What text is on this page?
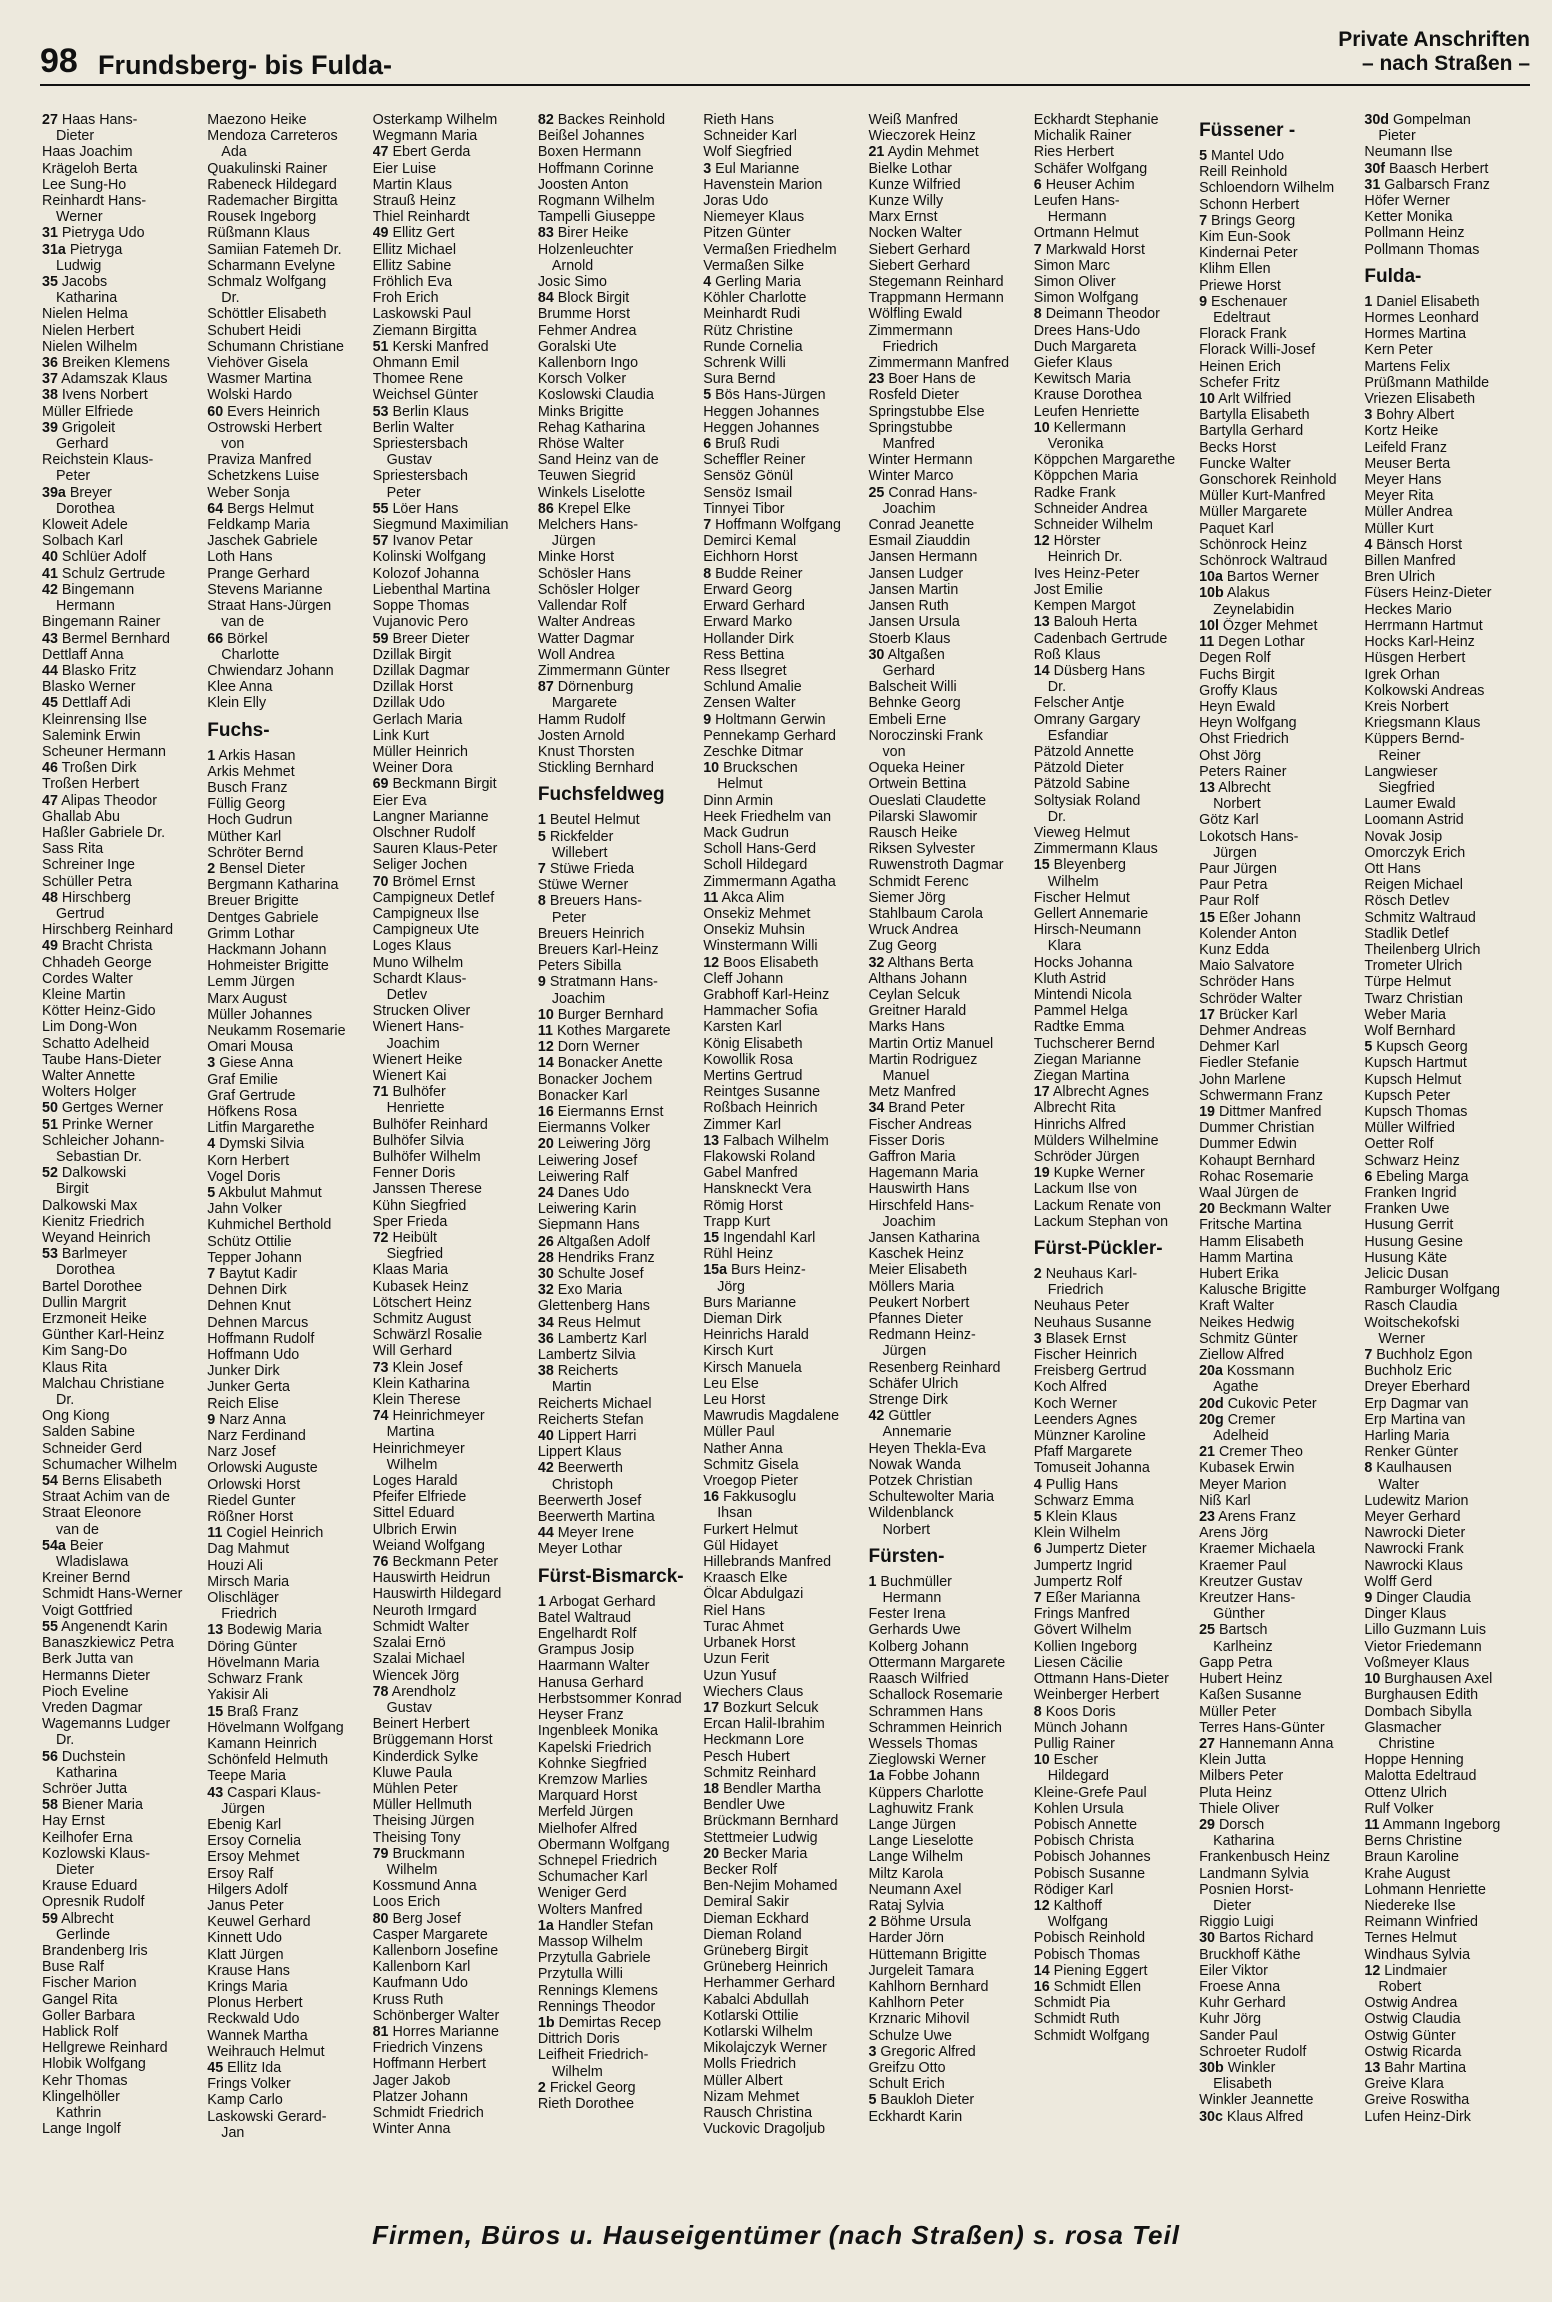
98 Frundsberg- bis Fulda-
Private Anschriften
– nach Straßen –
27 Haas Hans-
Dieter
Haas Joachim
Krägeloh Berta
Lee Sung-Ho
Reinhardt Hans-
Werner
31 Pietryga Udo
31a Pietryga
Ludwig
35 Jacobs
Katharina
Nielen Helma
Nielen Herbert
Nielen Wilhelm
36 Breiken Klemens
37 Adamszak Klaus
38 Ivens Norbert
Müller Elfriede
39 Grigoleit
Gerhard
Reichstein Klaus-
Peter
39a Breyer
Dorothea
Kloweit Adele
Solbach Karl
40 Schlüer Adolf
41 Schulz Gertrude
42 Bingemann
Hermann
Bingemann Rainer
43 Bermel Bernhard
Dettlaff Anna
44 Blasko Fritz
Blasko Werner
45 Dettlaff Adi
Kleinrensing Ilse
Salemink Erwin
Scheuner Hermann
46 Troßen Dirk
Troßen Herbert
47 Alipas Theodor
Ghallab Abu
Haßler Gabriele Dr.
Sass Rita
Schreiner Inge
Schüller Petra
48 Hirschberg
Gertrud
Hirschberg Reinhard
49 Bracht Christa
Chhadeh George
Cordes Walter
Kleine Martin
Kötter Heinz-Gido
Lim Dong-Won
Schatto Adelheid
Taube Hans-Dieter
Walter Annette
Wolters Holger
50 Gertges Werner
51 Prinke Werner
Schleicher Johann-
Sebastian Dr.
52 Dalkowski
Birgit
Dalkowski Max
Kienitz Friedrich
Weyand Heinrich
53 Barlmeyer
Dorothea
Bartel Dorothee
Dullin Margrit
Erzmoneit Heike
Günther Karl-Heinz
Kim Sang-Do
Klaus Rita
Malchau Christiane
Dr.
Ong Kiong
Salden Sabine
Schneider Gerd
Schumacher Wilhelm
54 Berns Elisabeth
Straat Achim van de
Straat Eleonore
van de
54a Beier
Wladislawa
Kreiner Bernd
Schmidt Hans-Werner
Voigt Gottfried
55 Angenendt Karin
Banaszkiewicz Petra
Berk Jutta van
Hermanns Dieter
Pioch Eveline
Vreden Dagmar
Wagemanns Ludger
Dr.
56 Duchstein
Katharina
Schröer Jutta
58 Biener Maria
Hay Ernst
Keilhofer Erna
Kozlowski Klaus-
Dieter
Krause Eduard
Opresnik Rudolf
59 Albrecht
Gerlinde
Brandenberg Iris
Buse Ralf
Fischer Marion
Gangel Rita
Goller Barbara
Hablick Rolf
Hellgrewe Reinhard
Hlobik Wolfgang
Kehr Thomas
Klingelhöller
Kathrin
Lange Ingolf
Maezono Heike
Mendoza Carreteros
Ada
Quakulinski Rainer
Rabeneck Hildegard
Rademacher Birgitta
Rousek Ingeborg
Rüßmann Klaus
Samiian Fatemeh Dr.
Scharmann Evelyne
Schmalz Wolfgang
Dr.
Schöttler Elisabeth
Schubert Heidi
Schumann Christiane
Viehöver Gisela
Wasmer Martina
Wolski Hardo
60 Evers Heinrich
Ostrowski Herbert
von
Praviza Manfred
Schetzkens Luise
Weber Sonja
64 Bergs Helmut
Feldkamp Maria
Jaschek Gabriele
Loth Hans
Prange Gerhard
Stevens Marianne
Straat Hans-Jürgen
van de
66 Börkel
Charlotte
Chwiendarz Johann
Klee Anna
Klein Elly
Fuchs-
1 Arkis Hasan
Arkis Mehmet
Busch Franz
Füllig Georg
Hoch Gudrun
Müther Karl
Schröter Bernd
2 Bensel Dieter
Bergmann Katharina
Breuer Brigitte
Dentges Gabriele
Grimm Lothar
Hackmann Johann
Hohmeister Brigitte
Lemm Jürgen
Marx August
Müller Johannes
Neukamm Rosemarie
Omari Mousa
3 Giese Anna
Graf Emilie
Graf Gertrude
Höfkens Rosa
Litfin Margarethe
4 Dymski Silvia
Korn Herbert
Vogel Doris
5 Akbulut Mahmut
Jahn Volker
Kuhmichel Berthold
Schütz Ottilie
Tepper Johann
7 Baytut Kadir
Dehnen Dirk
Dehnen Knut
Dehnen Marcus
Hoffmann Rudolf
Hoffmann Udo
Junker Dirk
Junker Gerta
Reich Elise
9 Narz Anna
Narz Ferdinand
Narz Josef
Orlowski Auguste
Orlowski Horst
Riedel Gunter
Rößner Horst
11 Cogiel Heinrich
Dag Mahmut
Houzi Ali
Mirsch Maria
Olischläger
Friedrich
13 Bodewig Maria
Döring Günter
Hövelmann Maria
Schwarz Frank
Yakisir Ali
15 Braß Franz
Hövelmann Wolfgang
Kamann Heinrich
Schönfeld Helmuth
Teepe Maria
43 Caspari Klaus-
Jürgen
Ebenig Karl
Ersoy Cornelia
Ersoy Mehmet
Ersoy Ralf
Hilgers Adolf
Janus Peter
Keuwel Gerhard
Kinnett Udo
Klatt Jürgen
Krause Hans
Krings Maria
Plonus Herbert
Reckwald Udo
Wannek Martha
Weihrauch Helmut
45 Ellitz Ida
Frings Volker
Kamp Carlo
Laskowski Gerard-
Jan
Osterkamp Wilhelm
Wegmann Maria
47 Ebert Gerda
Eier Luise
Martin Klaus
Strauß Heinz
Thiel Reinhardt
49 Ellitz Gert
Ellitz Michael
Ellitz Sabine
Fröhlich Eva
Froh Erich
Laskowski Paul
Ziemann Birgitta
51 Kerski Manfred
Ohmann Emil
Thomee Rene
Weichsel Günter
53 Berlin Klaus
Berlin Walter
Spriestersbach
Gustav
Spriestersbach
Peter
55 Löer Hans
Siegmund Maximilian
57 Ivanov Petar
Kolinski Wolfgang
Kolozof Johanna
Liebenthal Martina
Soppe Thomas
Vujanovic Pero
59 Breer Dieter
Dzillak Birgit
Dzillak Dagmar
Dzillak Horst
Dzillak Udo
Gerlach Maria
Link Kurt
Müller Heinrich
Weiner Dora
69 Beckmann Birgit
Eier Eva
Langner Marianne
Olschner Rudolf
Sauren Klaus-Peter
Seliger Jochen
70 Brömel Ernst
Campigneux Detlef
Campigneux Ilse
Campigneux Ute
Loges Klaus
Muno Wilhelm
Schardt Klaus-
Detlev
Strucken Oliver
Wienert Hans-
Joachim
Wienert Heike
Wienert Kai
71 Bulhöfer
Henriette
Bulhöfer Reinhard
Bulhöfer Silvia
Bulhöfer Wilhelm
Fenner Doris
Janssen Therese
Kühn Siegfried
Sper Frieda
72 Heibült
Siegfried
Klaas Maria
Kubasek Heinz
Lötschert Heinz
Schmitz August
Schwärzl Rosalie
Will Gerhard
73 Klein Josef
Klein Katharina
Klein Therese
74 Heinrichmeyer
Martina
Heinrichmeyer
Wilhelm
Loges Harald
Pfeifer Elfriede
Sittel Eduard
Ulbrich Erwin
Weiand Wolfgang
76 Beckmann Peter
Hauswirth Heidrun
Hauswirth Hildegard
Neuroth Irmgard
Schmidt Walter
Szalai Ernö
Szalai Michael
Wiencek Jörg
78 Arendholz
Gustav
Beinert Herbert
Brüggemann Horst
Kinderdick Sylke
Kluwe Paula
Mühlen Peter
Müller Hellmuth
Theising Jürgen
Theising Tony
79 Bruckmann
Wilhelm
Kossmund Anna
Loos Erich
80 Berg Josef
Casper Margarete
Kallenborn Josefine
Kallenborn Karl
Kaufmann Udo
Kruss Ruth
Schönberger Walter
81 Horres Marianne
Friedrich Vinzens
Hoffmann Herbert
Jager Jakob
Platzer Johann
Schmidt Friedrich
Winter Anna
82 Backes Reinhold
Beißel Johannes
Boxen Hermann
Hoffmann Corinne
Joosten Anton
Rogmann Wilhelm
Tampelli Giuseppe
83 Birer Heike
Holzenleuchter
Arnold
Josic Simo
84 Block Birgit
Brumme Horst
Fehmer Andrea
Goralski Ute
Kallenborn Ingo
Korsch Volker
Koslowski Claudia
Minks Brigitte
Rehag Katharina
Rhöse Walter
Sand Heinz van de
Teuwen Siegrid
Winkels Liselotte
86 Krepel Elke
Melchers Hans-
Jürgen
Minke Horst
Schösler Hans
Schösler Holger
Vallendar Rolf
Walter Andreas
Watter Dagmar
Woll Andrea
Zimmermann Günter
87 Dörnenburg
Margarete
Hamm Rudolf
Josten Arnold
Knust Thorsten
Stickling Bernhard
Fuchsfeldweg
1 Beutel Helmut
5 Rickfelder
Willebert
7 Stüwe Frieda
Stüwe Werner
8 Breuers Hans-
Peter
Breuers Heinrich
Breuers Karl-Heinz
Peters Sibilla
9 Stratmann Hans-
Joachim
10 Burger Bernhard
11 Kothes Margarete
12 Dorn Werner
14 Bonacker Anette
Bonacker Jochem
Bonacker Karl
16 Eiermanns Ernst
Eiermanns Volker
20 Leiwering Jörg
Leiwering Josef
Leiwering Ralf
24 Danes Udo
Leiwering Karin
Siepmann Hans
26 Altgaßen Adolf
28 Hendriks Franz
30 Schulte Josef
32 Exo Maria
Glettenberg Hans
34 Reus Helmut
36 Lambertz Karl
Lambertz Silvia
38 Reicherts
Martin
Reicherts Michael
Reicherts Stefan
40 Lippert Harri
Lippert Klaus
42 Beerwerth
Christoph
Beerwerth Josef
Beerwerth Martina
44 Meyer Irene
Meyer Lothar
Fürst-Bismarck-
1 Arbogat Gerhard
Batel Waltraud
Engelhardt Rolf
Grampus Josip
Haarmann Walter
Hanusa Gerhard
Herbstsommer Konrad
Heyser Franz
Ingenbleek Monika
Kapelski Friedrich
Kohnke Siegfried
Kremzow Marlies
Marquard Horst
Merfeld Jürgen
Mielhofer Alfred
Obermann Wolfgang
Schnepel Friedrich
Schumacher Karl
Weniger Gerd
Wolters Manfred
1a Handler Stefan
Massop Wilhelm
Przytulla Gabriele
Przytulla Willi
Rennings Klemens
Rennings Theodor
1b Demirtas Recep
Dittrich Doris
Leifheit Friedrich-
Wilhelm
2 Frickel Georg
Rieth Dorothee
Rieth Hans
Schneider Karl
Wolf Siegfried
3 Eul Marianne
Havenstein Marion
Joras Udo
Niemeyer Klaus
Pitzen Günter
Vermaßen Friedhelm
Vermaßen Silke
4 Gerling Maria
Köhler Charlotte
Meinhardt Rudi
Rütz Christine
Runde Cornelia
Schrenk Willi
Sura Bernd
5 Bös Hans-Jürgen
Heggen Johannes
Heggen Johannes
6 Bruß Rudi
Scheffler Reiner
Sensöz Gönül
Sensöz Ismail
Tinnyei Tibor
7 Hoffmann Wolfgang
Demirci Kemal
Eichhorn Horst
8 Budde Reiner
Erward Georg
Erward Gerhard
Erward Marko
Hollander Dirk
Ress Bettina
Ress Ilsegret
Schlund Amalie
Zensen Walter
9 Holtmann Gerwin
Pennekamp Gerhard
Zeschke Ditmar
10 Bruckschen
Helmut
Dinn Armin
Heek Friedhelm van
Mack Gudrun
Scholl Hans-Gerd
Scholl Hildegard
Zimmermann Agatha
11 Akca Alim
Onsekiz Mehmet
Onsekiz Muhsin
Winstermann Willi
12 Boos Elisabeth
Cleff Johann
Grabhoff Karl-Heinz
Hammacher Sofia
Karsten Karl
König Elisabeth
Kowollik Rosa
Mertins Gertrud
Reintges Susanne
Roßbach Heinrich
Zimmer Karl
13 Falbach Wilhelm
Flakowski Roland
Gabel Manfred
Hanskneckt Vera
Römig Horst
Trapp Kurt
15 Ingendahl Karl
Rühl Heinz
15a Burs Heinz-
Jörg
Burs Marianne
Dieman Dirk
Heinrichs Harald
Kirsch Kurt
Kirsch Manuela
Leu Else
Leu Horst
Mawrudis Magdalene
Müller Paul
Nather Anna
Schmitz Gisela
Vroegop Pieter
16 Fakkusoglu
Ihsan
Furkert Helmut
Gül Hidayet
Hillebrands Manfred
Kraasch Elke
Ölcar Abdulgazi
Riel Hans
Turac Ahmet
Urbanek Horst
Uzun Ferit
Uzun Yusuf
Wiechers Claus
17 Bozkurt Selcuk
Ercan Halil-Ibrahim
Heckmann Lore
Pesch Hubert
Schmitz Reinhard
18 Bendler Martha
Bendler Uwe
Brückmann Bernhard
Stettmeier Ludwig
20 Becker Maria
Becker Rolf
Ben-Nejim Mohamed
Demiral Sakir
Dieman Eckhard
Dieman Roland
Grüneberg Birgit
Grüneberg Heinrich
Herhammer Gerhard
Kabalci Abdullah
Kotlarski Ottilie
Kotlarski Wilhelm
Mikolajczyk Werner
Molls Friedrich
Müller Albert
Nizam Mehmet
Rausch Christina
Vuckovic Dragoljub
Weiß Manfred
Wieczorek Heinz
21 Aydin Mehmet
Bielke Lothar
Kunze Wilfried
Kunze Willy
Marx Ernst
Nocken Walter
Siebert Gerhard
Siebert Gerhard
Stegemann Reinhard
Trappmann Hermann
Wölfling Ewald
Zimmermann
Friedrich
Zimmermann Manfred
23 Boer Hans de
Rosfeld Dieter
Springstubbe Else
Springstubbe
Manfred
Winter Hermann
Winter Marco
25 Conrad Hans-
Joachim
Conrad Jeanette
Esmail Ziauddin
Jansen Hermann
Jansen Ludger
Jansen Martin
Jansen Ruth
Jansen Ursula
Stoerb Klaus
30 Altgaßen
Gerhard
Balscheit Willi
Behnke Georg
Embeli Erne
Noroczinski Frank
von
Oqueka Heiner
Ortwein Bettina
Oueslati Claudette
Pilarski Slawomir
Rausch Heike
Riksen Sylvester
Ruwenstroth Dagmar
Schmidt Ferenc
Siemer Jörg
Stahlbaum Carola
Wruck Andrea
Zug Georg
32 Althans Berta
Althans Johann
Ceylan Selcuk
Greitner Harald
Marks Hans
Martin Ortiz Manuel
Martin Rodriguez
Manuel
Metz Manfred
34 Brand Peter
Fischer Andreas
Fisser Doris
Gaffron Maria
Hagemann Maria
Hauswirth Hans
Hirschfeld Hans-
Joachim
Jansen Katharina
Kaschek Heinz
Meier Elisabeth
Möllers Maria
Peukert Norbert
Pfannes Dieter
Redmann Heinz-
Jürgen
Resenberg Reinhard
Schäfer Ulrich
Strenge Dirk
42 Güttler
Annemarie
Heyen Thekla-Eva
Nowak Wanda
Potzek Christian
Schultewolter Maria
Wildenblanck
Norbert
Fürsten-
1 Buchmüller
Hermann
Fester Irena
Gerhards Uwe
Kolberg Johann
Ottermann Margarete
Raasch Wilfried
Schallock Rosemarie
Schrammen Hans
Schrammen Heinrich
Wessels Thomas
Zieglowski Werner
1a Fobbe Johann
Küppers Charlotte
Laghuwitz Frank
Lange Jürgen
Lange Lieselotte
Lange Wilhelm
Miltz Karola
Neumann Axel
Rataj Sylvia
2 Böhme Ursula
Harder Jörn
Hüttemann Brigitte
Jurgeleit Tamara
Kahlhorn Bernhard
Kahlhorn Peter
Krznaric Mihovil
Schulze Uwe
3 Gregoric Alfred
Greifzu Otto
Schult Erich
5 Baukloh Dieter
Eckhardt Karin
Eckhardt Stephanie
Michalik Rainer
Ries Herbert
Schäfer Wolfgang
6 Heuser Achim
Leufen Hans-
Hermann
Ortmann Helmut
7 Markwald Horst
Simon Marc
Simon Oliver
Simon Wolfgang
8 Deimann Theodor
Drees Hans-Udo
Duch Margareta
Giefer Klaus
Kewitsch Maria
Krause Dorothea
Leufen Henriette
10 Kellermann
Veronika
Köppchen Margarethe
Köppchen Maria
Radke Frank
Schneider Andrea
Schneider Wilhelm
12 Hörster
Heinrich Dr.
Ives Heinz-Peter
Jost Emilie
Kempen Margot
13 Balouh Herta
Cadenbach Gertrude
Roß Klaus
14 Düsberg Hans
Dr.
Felscher Antje
Omrany Gargary
Esfandiar
Pätzold Annette
Pätzold Dieter
Pätzold Sabine
Soltysiak Roland
Dr.
Vieweg Helmut
Zimmermann Klaus
15 Bleyenberg
Wilhelm
Fischer Helmut
Gellert Annemarie
Hirsch-Neumann
Klara
Hocks Johanna
Kluth Astrid
Mintendi Nicola
Pammel Helga
Radtke Emma
Tuchscherer Bernd
Ziegan Marianne
Ziegan Martina
17 Albrecht Agnes
Albrecht Rita
Hinrichs Alfred
Mülders Wilhelmine
Schröder Jürgen
19 Kupke Werner
Lackum Ilse von
Lackum Renate von
Lackum Stephan von
Fürst-Pückler-
2 Neuhaus Karl-
Friedrich
Neuhaus Peter
Neuhaus Susanne
3 Blasek Ernst
Fischer Heinrich
Freisberg Gertrud
Koch Alfred
Koch Werner
Leenders Agnes
Münzner Karoline
Pfaff Margarete
Tomuseit Johanna
4 Pullig Hans
Schwarz Emma
5 Klein Klaus
Klein Wilhelm
6 Jumpertz Dieter
Jumpertz Ingrid
Jumpertz Rolf
7 Eßer Marianna
Frings Manfred
Gövert Wilhelm
Kollien Ingeborg
Liesen Cäcilie
Ottmann Hans-Dieter
Weinberger Herbert
8 Koos Doris
Münch Johann
Pullig Rainer
10 Escher
Hildegard
Kleine-Grefe Paul
Kohlen Ursula
Pobisch Annette
Pobisch Christa
Pobisch Johannes
Pobisch Susanne
Rödiger Karl
12 Kalthoff
Wolfgang
Pobisch Reinhold
Pobisch Thomas
14 Piening Eggert
16 Schmidt Ellen
Schmidt Pia
Schmidt Ruth
Schmidt Wolfgang
Füssener -
5 Mantel Udo
Reill Reinhold
Schloendorn Wilhelm
Schonn Herbert
7 Brings Georg
Kim Eun-Sook
Kindernai Peter
Klihm Ellen
Priewe Horst
9 Eschenauer
Edeltraut
Florack Frank
Florack Willi-Josef
Heinen Erich
Schefer Fritz
10 Arlt Wilfried
Bartylla Elisabeth
Bartylla Gerhard
Becks Horst
Funcke Walter
Gonschorek Reinhold
Müller Kurt-Manfred
Müller Margarete
Paquet Karl
Schönrock Heinz
Schönrock Waltraud
10a Bartos Werner
10b Alakus
Zeynelabidin
10l Özger Mehmet
11 Degen Lothar
Degen Rolf
Fuchs Birgit
Groffy Klaus
Heyn Ewald
Heyn Wolfgang
Ohst Friedrich
Ohst Jörg
Peters Rainer
13 Albrecht
Norbert
Götz Karl
Lokotsch Hans-
Jürgen
Paur Jürgen
Paur Petra
Paur Rolf
15 Eßer Johann
Kolender Anton
Kunz Edda
Maio Salvatore
Schröder Hans
Schröder Walter
17 Brücker Karl
Dehmer Andreas
Dehmer Karl
Fiedler Stefanie
John Marlene
Schwermann Franz
19 Dittmer Manfred
Dummer Christian
Dummer Edwin
Kohaupt Bernhard
Rohac Rosemarie
Waal Jürgen de
20 Beckmann Walter
Fritsche Martina
Hamm Elisabeth
Hamm Martina
Hubert Erika
Kalusche Brigitte
Kraft Walter
Neikes Hedwig
Schmitz Günter
Ziellow Alfred
20a Kossmann
Agathe
20d Cukovic Peter
20g Cremer
Adelheid
21 Cremer Theo
Kubasek Erwin
Meyer Marion
Niß Karl
23 Arens Franz
Arens Jörg
Kraemer Michaela
Kraemer Paul
Kreutzer Gustav
Kreutzer Hans-
Günther
25 Bartsch
Karlheinz
Gapp Petra
Hubert Heinz
Kaßen Susanne
Müller Peter
Terres Hans-Günter
27 Hannemann Anna
Klein Jutta
Milbers Peter
Pluta Heinz
Thiele Oliver
29 Dorsch
Katharina
Frankenbusch Heinz
Landmann Sylvia
Posnien Horst-
Dieter
Riggio Luigi
30 Bartos Richard
Bruckhoff Käthe
Eiler Viktor
Froese Anna
Kuhr Gerhard
Kuhr Jörg
Sander Paul
Schroeter Rudolf
30b Winkler
Elisabeth
Winkler Jeannette
30c Klaus Alfred
30d Gompelman
Pieter
Neumann Ilse
30f Baasch Herbert
31 Galbarsch Franz
Höfer Werner
Ketter Monika
Pollmann Heinz
Pollmann Thomas
Fulda-
1 Daniel Elisabeth
Hormes Leonhard
Hormes Martina
Kern Peter
Martens Felix
Prüßmann Mathilde
Vriezen Elisabeth
3 Bohry Albert
Kortz Heike
Leifeld Franz
Meuser Berta
Meyer Hans
Meyer Rita
Müller Andrea
Müller Kurt
4 Bänsch Horst
Billen Manfred
Bren Ulrich
Füsers Heinz-Dieter
Heckes Mario
Herrmann Hartmut
Hocks Karl-Heinz
Hüsgen Herbert
Igrek Orhan
Kolkowski Andreas
Kreis Norbert
Kriegsmann Klaus
Küppers Bernd-
Reiner
Langwieser
Siegfried
Laumer Ewald
Loomann Astrid
Novak Josip
Omorczyk Erich
Ott Hans
Reigen Michael
Rösch Detlev
Schmitz Waltraud
Stadlik Detlef
Theilenberg Ulrich
Trometer Ulrich
Türpe Helmut
Twarz Christian
Weber Maria
Wolf Bernhard
5 Kupsch Georg
Kupsch Hartmut
Kupsch Helmut
Kupsch Peter
Kupsch Thomas
Müller Wilfried
Oetter Rolf
Schwarz Heinz
6 Ebeling Marga
Franken Ingrid
Franken Uwe
Husung Gerrit
Husung Gesine
Husung Käte
Jelicic Dusan
Ramburger Wolfgang
Rasch Claudia
Woitschekofski
Werner
7 Buchholz Egon
Buchholz Eric
Dreyer Eberhard
Erp Dagmar van
Erp Martina van
Harling Maria
Renker Günter
8 Kaulhausen
Walter
Ludewitz Marion
Meyer Gerhard
Nawrocki Dieter
Nawrocki Frank
Nawrocki Klaus
Wolff Gerd
9 Dinger Claudia
Dinger Klaus
Lillo Guzmann Luis
Vietor Friedemann
Voßmeyer Klaus
10 Burghausen Axel
Burghausen Edith
Dombach Sibylla
Glasmacher
Christine
Hoppe Henning
Malotta Edeltraud
Ottenz Ulrich
Rulf Volker
11 Ammann Ingeborg
Berns Christine
Braun Karoline
Krahe August
Lohmann Henriette
Niedereke Ilse
Reimann Winfried
Ternes Helmut
Windhaus Sylvia
12 Lindmaier
Robert
Ostwig Andrea
Ostwig Claudia
Ostwig Günter
Ostwig Ricarda
13 Bahr Martina
Greive Klara
Greive Roswitha
Lufen Heinz-Dirk
Firmen, Büros u. Hauseigentümer (nach Straßen) s. rosa Teil
